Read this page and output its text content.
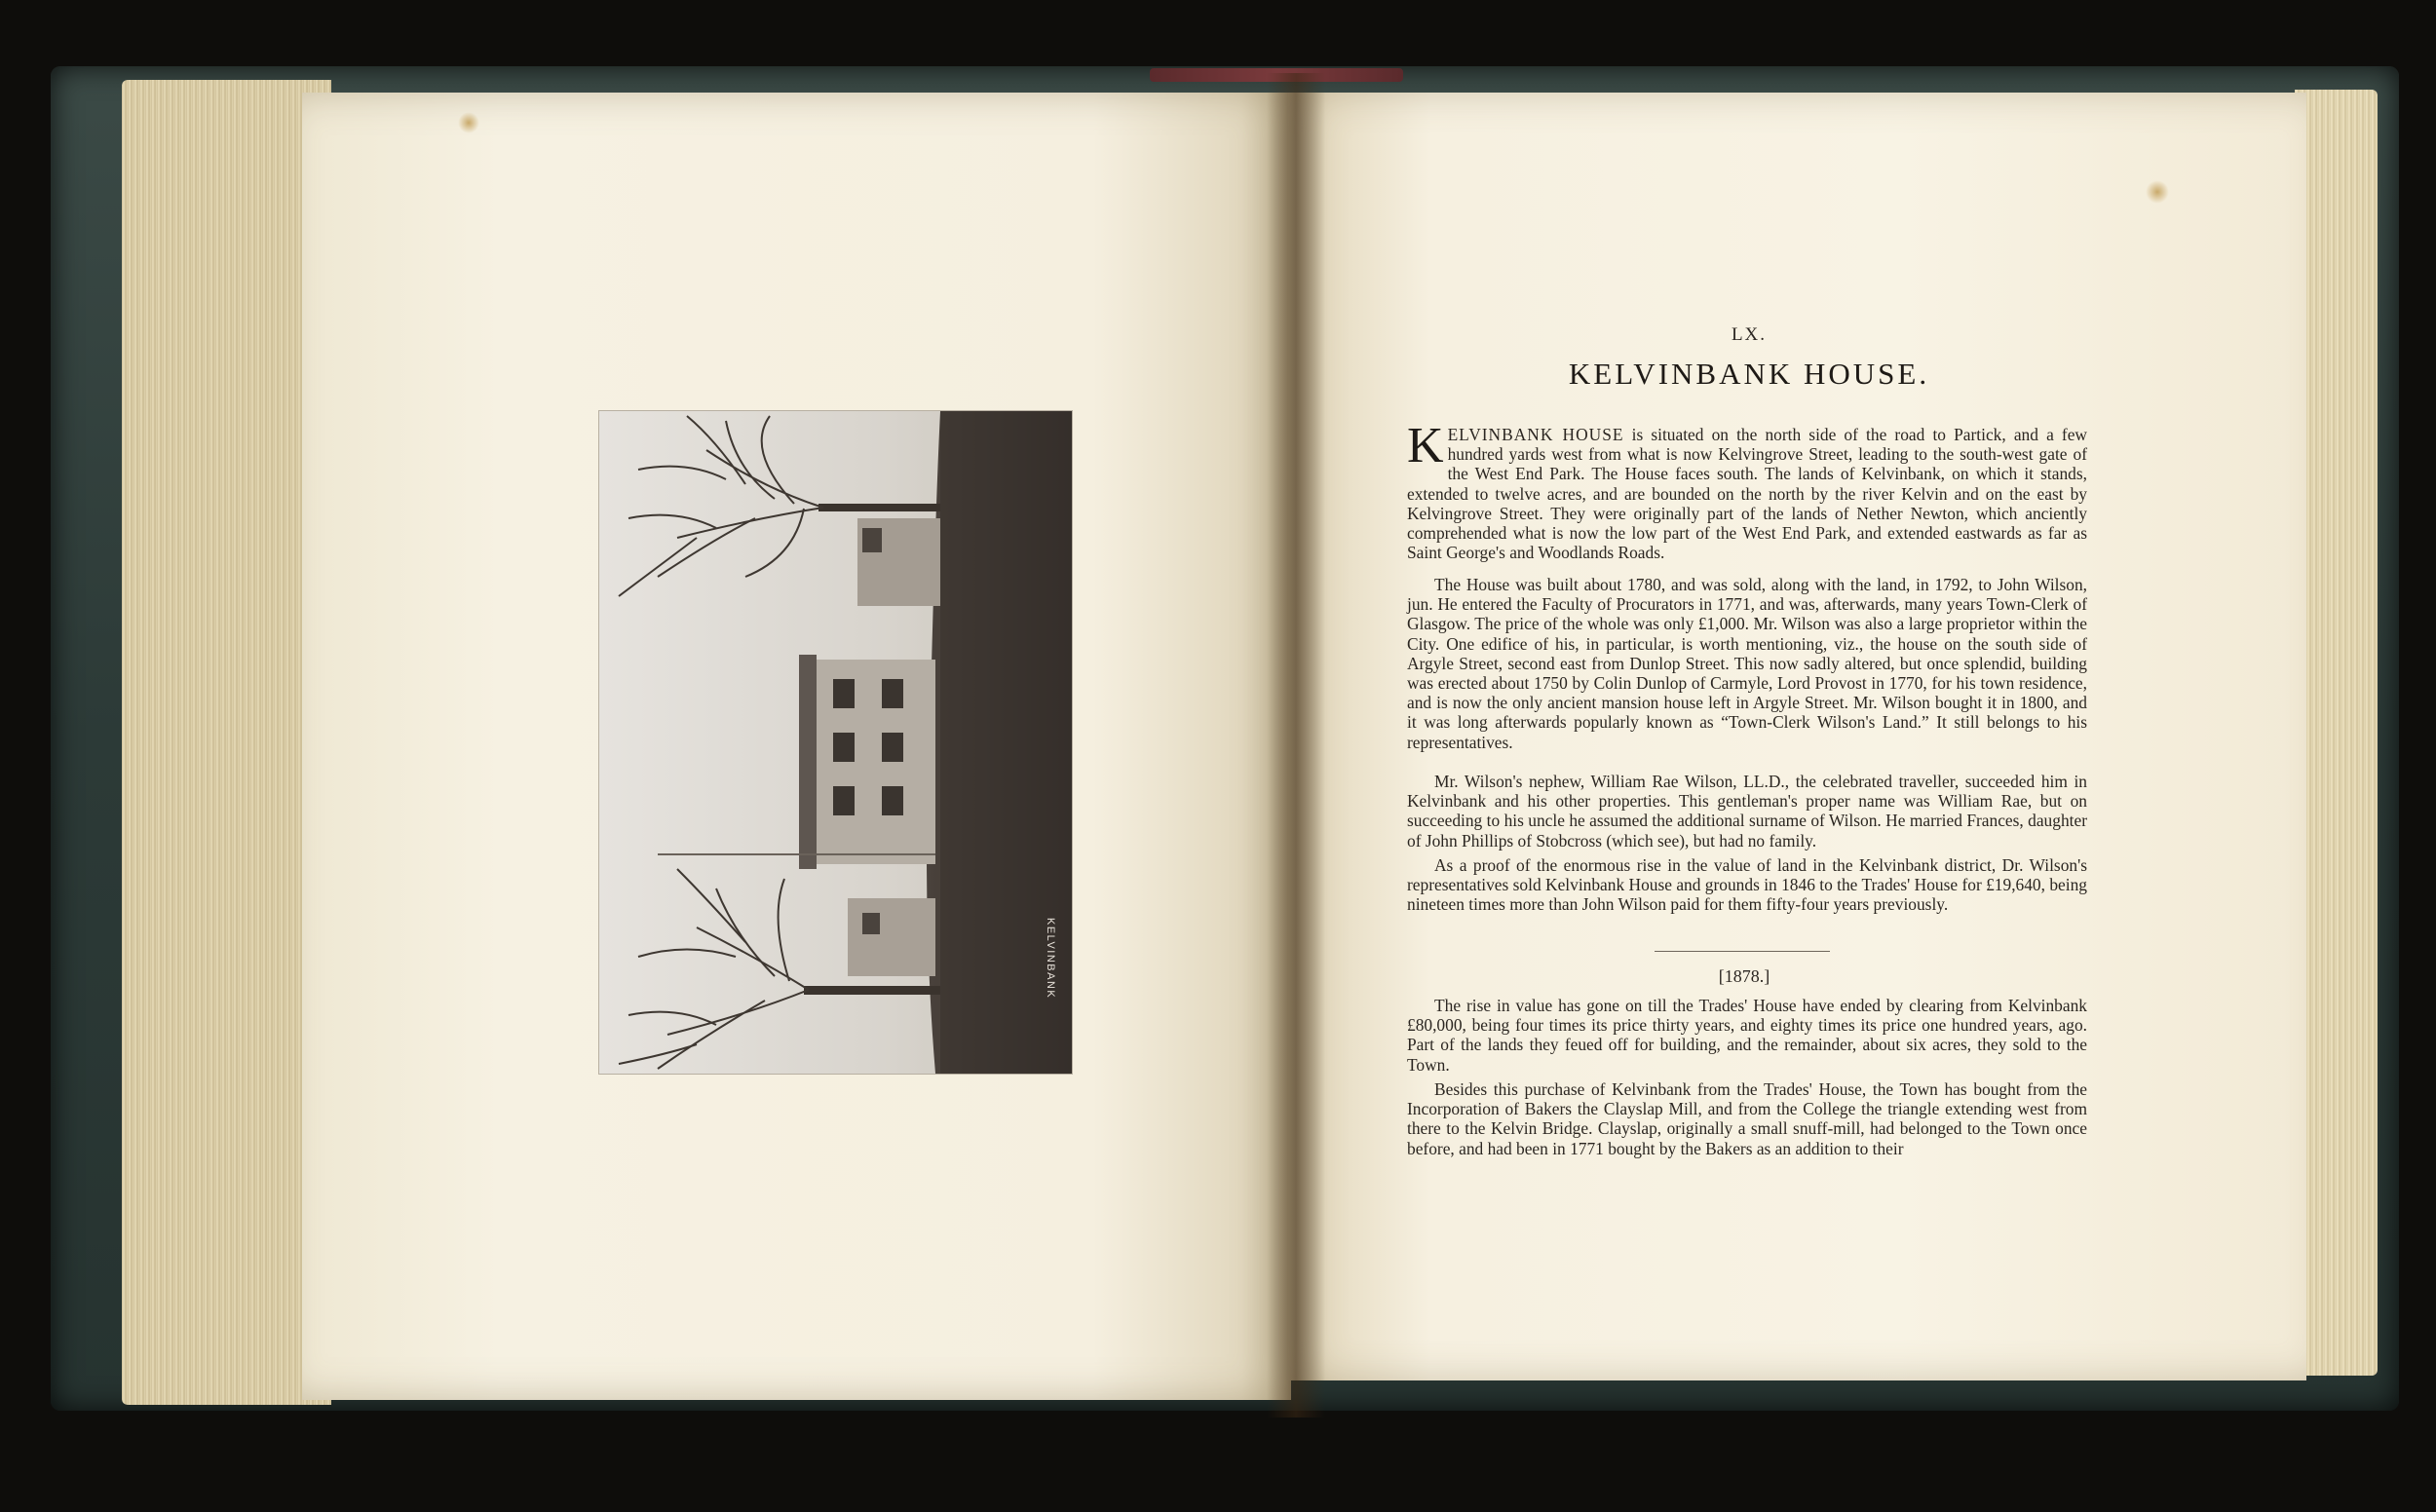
KELVINBANK
LX.
KELVINBANK HOUSE.
KELVINBANK HOUSE is situated on the north side of the road to Partick, and a few hundred yards west from what is now Kelvingrove Street, leading to the south-west gate of the West End Park. The House faces south. The lands of Kelvinbank, on which it stands, extended to twelve acres, and are bounded on the north by the river Kelvin and on the east by Kelvingrove Street. They were originally part of the lands of Nether Newton, which anciently comprehended what is now the low part of the West End Park, and extended eastwards as far as Saint George's and Woodlands Roads.
The House was built about 1780, and was sold, along with the land, in 1792, to John Wilson, jun. He entered the Faculty of Procurators in 1771, and was, afterwards, many years Town-Clerk of Glasgow. The price of the whole was only £1,000. Mr. Wilson was also a large proprietor within the City. One edifice of his, in particular, is worth mentioning, viz., the house on the south side of Argyle Street, second east from Dunlop Street. This now sadly altered, but once splendid, building was erected about 1750 by Colin Dunlop of Carmyle, Lord Provost in 1770, for his town residence, and is now the only ancient mansion house left in Argyle Street. Mr. Wilson bought it in 1800, and it was long afterwards popularly known as “Town-Clerk Wilson's Land.” It still belongs to his representatives.
Mr. Wilson's nephew, William Rae Wilson, LL.D., the celebrated traveller, succeeded him in Kelvinbank and his other properties. This gentleman's proper name was William Rae, but on succeeding to his uncle he assumed the additional surname of Wilson. He married Frances, daughter of John Phillips of Stobcross (which see), but had no family.
As a proof of the enormous rise in the value of land in the Kelvinbank district, Dr. Wilson's representatives sold Kelvinbank House and grounds in 1846 to the Trades' House for £19,640, being nineteen times more than John Wilson paid for them fifty-four years previously.
[1878.]
The rise in value has gone on till the Trades' House have ended by clearing from Kelvinbank £80,000, being four times its price thirty years, and eighty times its price one hundred years, ago. Part of the lands they feued off for building, and the remainder, about six acres, they sold to the Town.
Besides this purchase of Kelvinbank from the Trades' House, the Town has bought from the Incorporation of Bakers the Clayslap Mill, and from the College the triangle extending west from there to the Kelvin Bridge. Clayslap, originally a small snuff-mill, had belonged to the Town once before, and had been in 1771 bought by the Bakers as an addition to their
